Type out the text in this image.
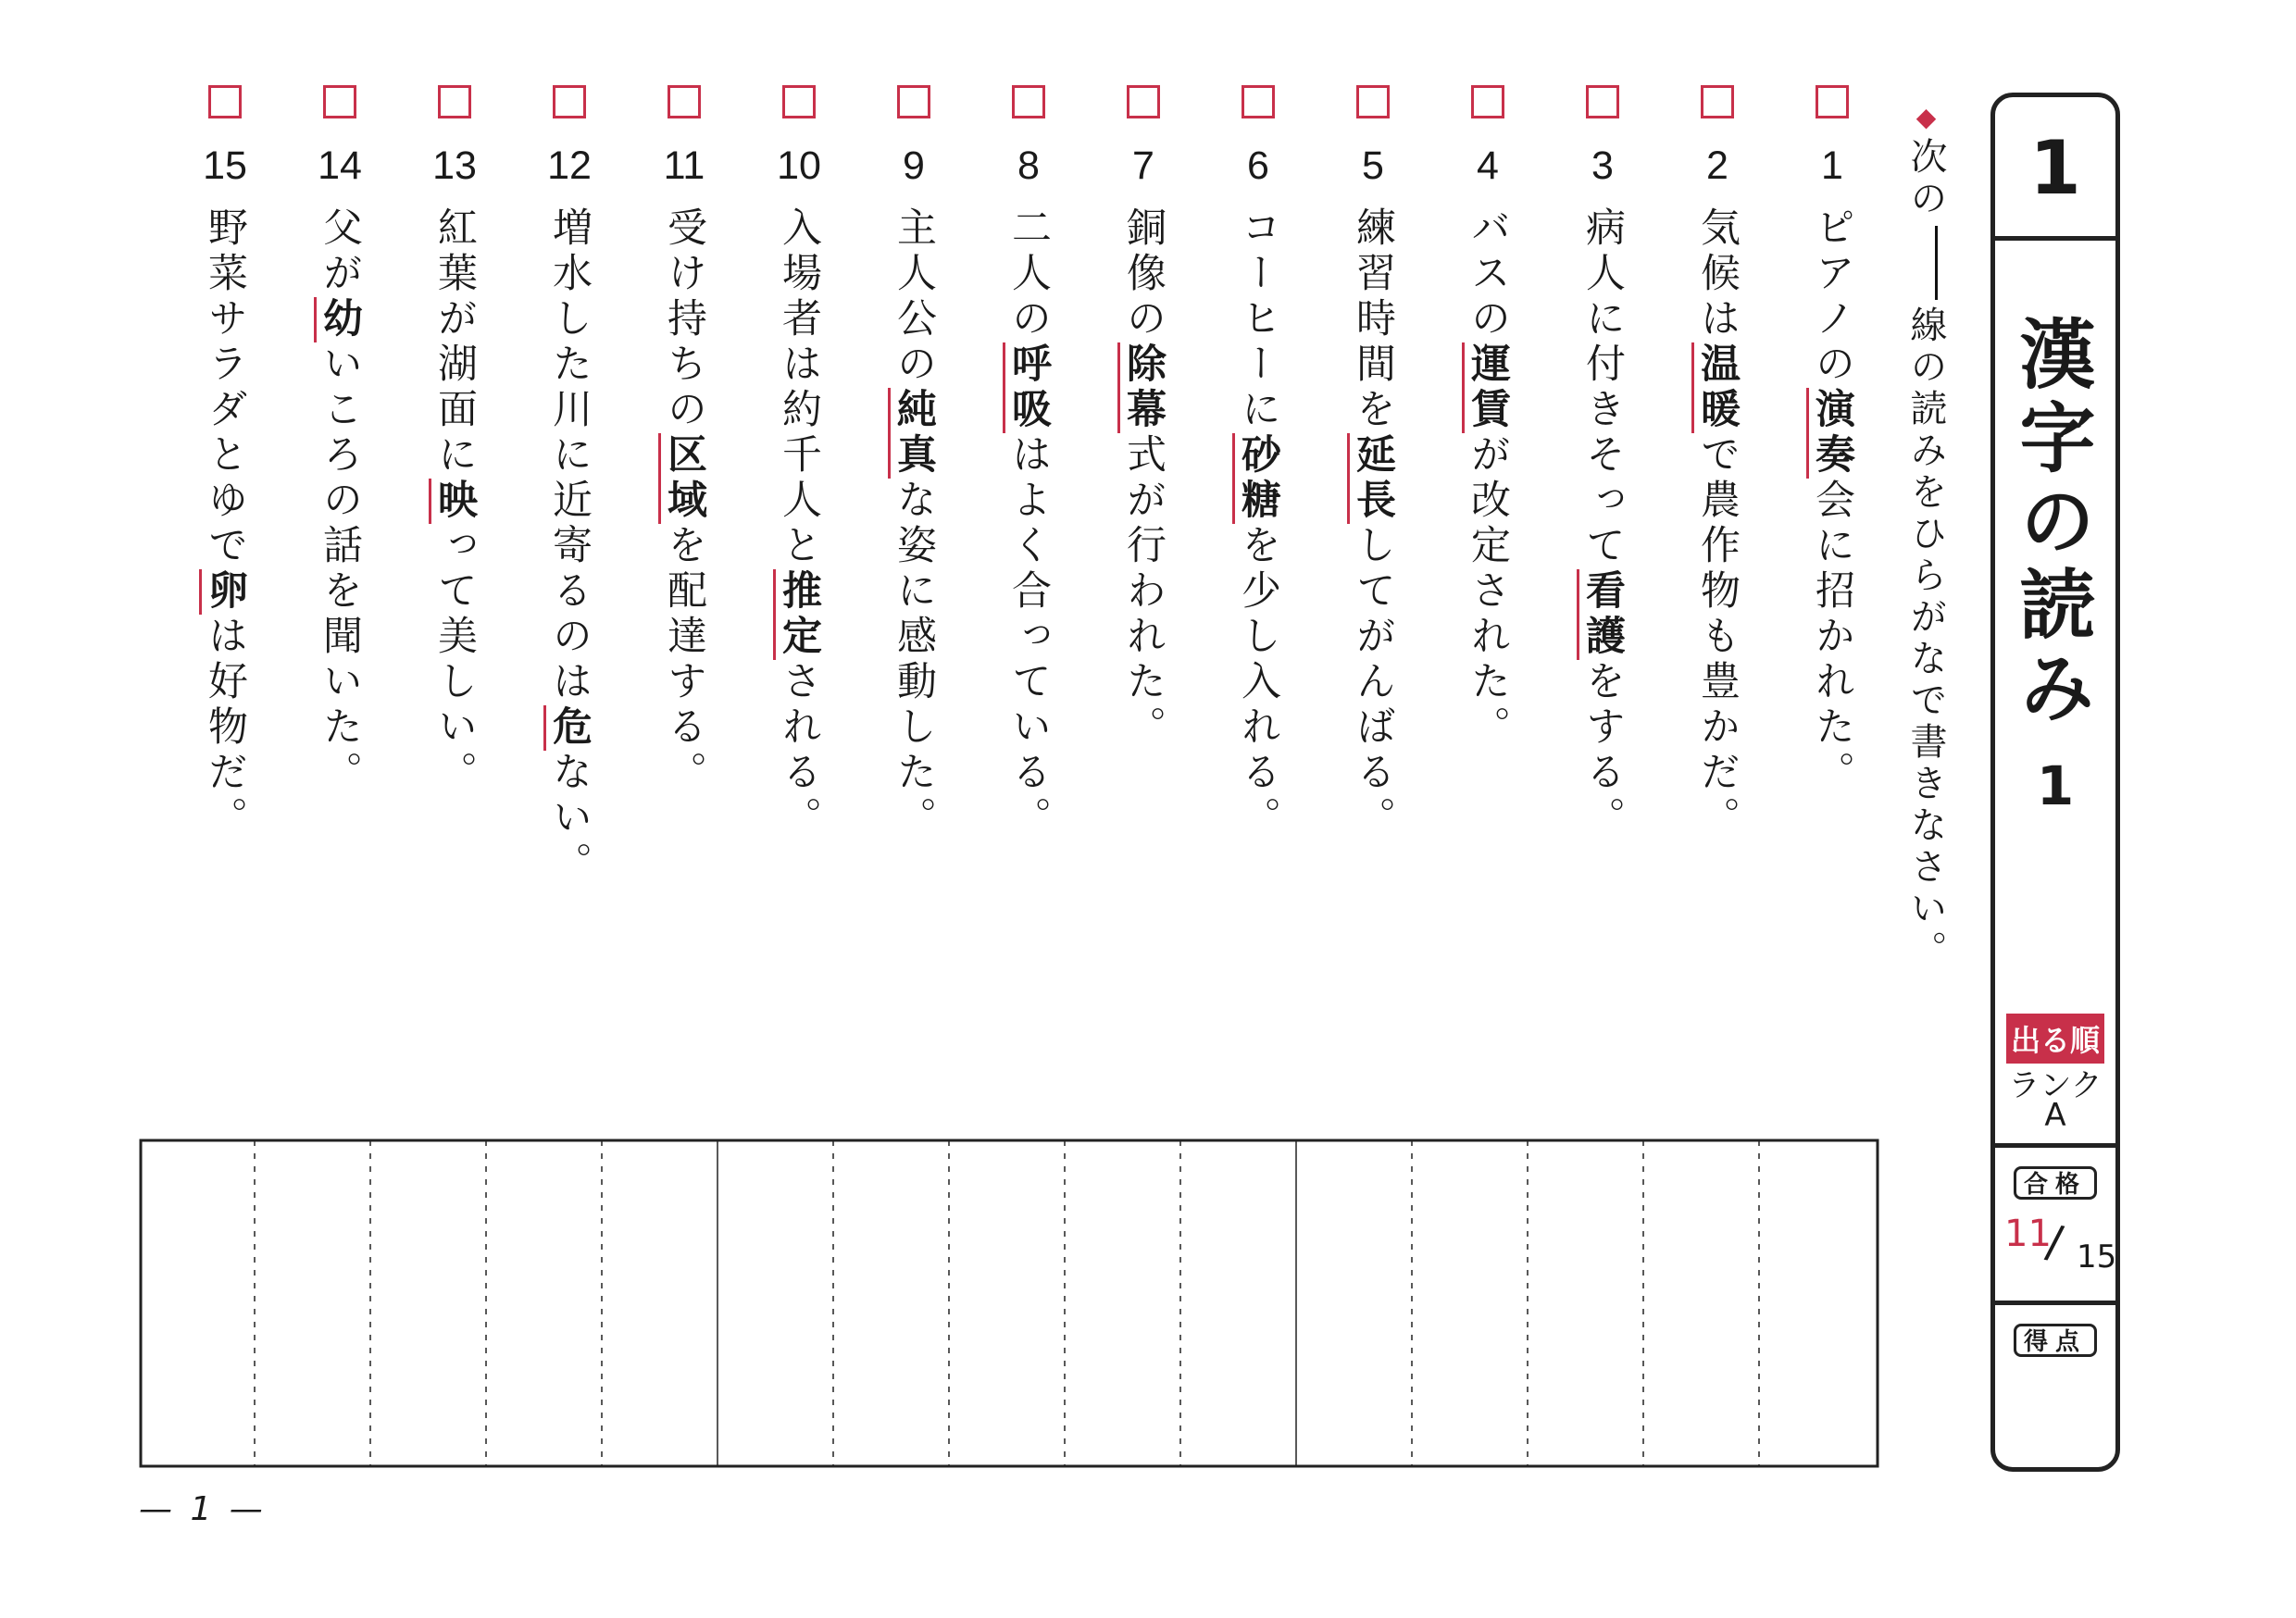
1
ピアノの演奏会に招かれた。
2
気候は温暖で農作物も豊かだ。
3
病人に付きそって看護をする。
4
バスの運賃が改定された。
5
練習時間を延長してがんばる。
6
コーヒーに砂糖を少し入れる。
7
銅像の除幕式が行われた。
8
二人の呼吸はよく合っている。
9
主人公の純真な姿に感動した。
10
入場者は約千人と推定される。
11
受け持ちの区域を配達する。
12
増水した川に近寄るのは危ない。
13
紅葉が湖面に映って美しい。
14
父が幼いころの話を聞いた。
15
野菜サラダとゆで卵は好物だ。
◆次の線の読みをひらがなで書きなさい。
1
漢字の読み
1
出る順
ランク
A
合格
11
/ 15
得点
— 1 —
